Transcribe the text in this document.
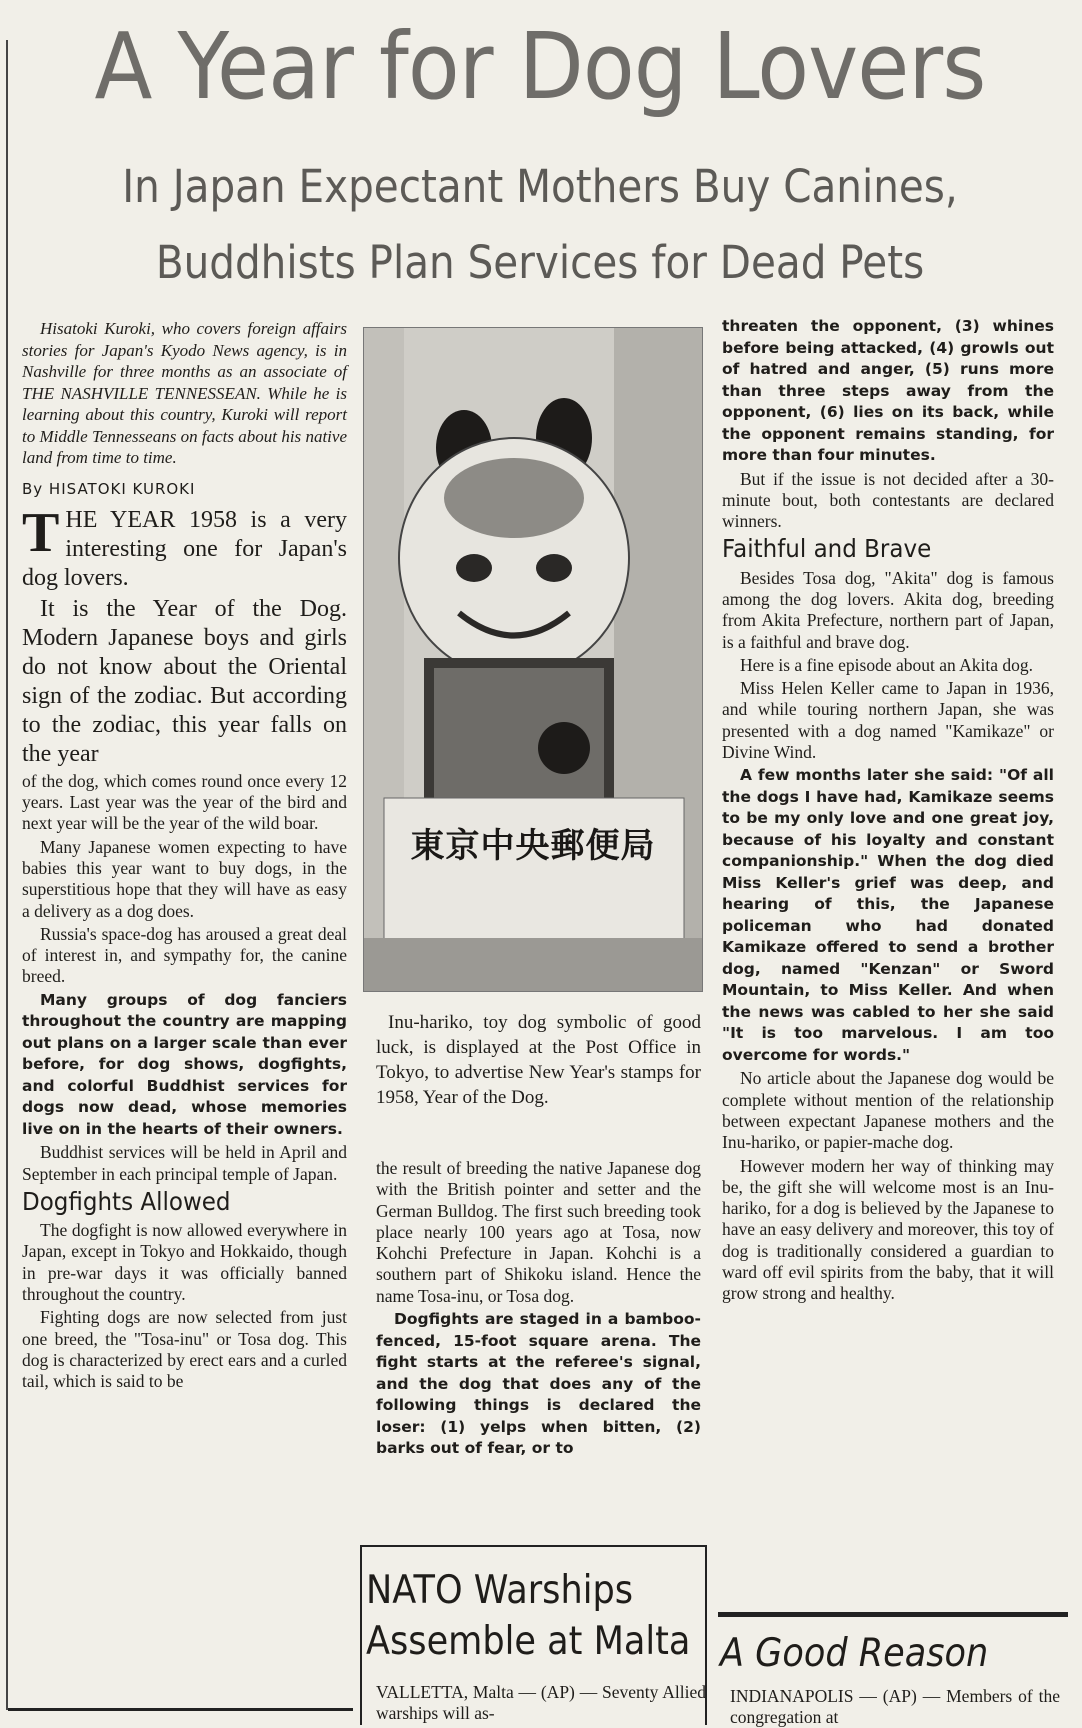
A Year for Dog Lovers
In Japan Expectant Mothers Buy Canines,
Buddhists Plan Services for Dead Pets

Hisatoki Kuroki, who covers foreign affairs stories for Japan's Kyodo News agency, is in Nashville for three months as an associate of THE NASHVILLE TENNESSEAN. While he is learning about this country, Kuroki will report to Middle Tennesseans on facts about his native land from time to time.

By HISATOKI KUROKI

THE YEAR 1958 is a very interesting one for Japan's dog lovers.

It is the Year of the Dog. Modern Japanese boys and girls do not know about the Oriental sign of the zodiac. But according to the zodiac, this year falls on the year

of the dog, which comes round once every 12 years. Last year was the year of the bird and next year will be the year of the wild boar.

Many Japanese women expecting to have babies this year want to buy dogs, in the superstitious hope that they will have as easy a delivery as a dog does.

Russia's space-dog has aroused a great deal of interest in, and sympathy for, the canine breed.

Many groups of dog fanciers throughout the country are mapping out plans on a larger scale than ever before, for dog shows, dogfights, and colorful Buddhist services for dogs now dead, whose memories live on in the hearts of their owners.

Buddhist services will be held in April and September in each principal temple of Japan.

Dogfights Allowed

The dogfight is now allowed everywhere in Japan, except in Tokyo and Hokkaido, though in pre-war days it was officially banned throughout the country.

Fighting dogs are now selected from just one breed, the "Tosa-inu" or Tosa dog. This dog is characterized by erect ears and a curled tail, which is said to be

東京中央郵便局

Inu-hariko, toy dog symbolic of good luck, is displayed at the Post Office in Tokyo, to advertise New Year's stamps for 1958, Year of the Dog.

the result of breeding the native Japanese dog with the British pointer and setter and the German Bulldog. The first such breeding took place nearly 100 years ago at Tosa, now Kohchi Prefecture in Japan. Kohchi is a southern part of Shikoku island. Hence the name Tosa-inu, or Tosa dog.

Dogfights are staged in a bamboo-fenced, 15-foot square arena. The fight starts at the referee's signal, and the dog that does any of the following things is declared the loser: (1) yelps when bitten, (2) barks out of fear, or to

threaten the opponent, (3) whines before being attacked, (4) growls out of hatred and anger, (5) runs more than three steps away from the opponent, (6) lies on its back, while the opponent remains standing, for more than four minutes.

But if the issue is not decided after a 30-minute bout, both contestants are declared winners.

Faithful and Brave

Besides Tosa dog, "Akita" dog is famous among the dog lovers. Akita dog, breeding from Akita Prefecture, northern part of Japan, is a faithful and brave dog.

Here is a fine episode about an Akita dog.

Miss Helen Keller came to Japan in 1936, and while touring northern Japan, she was presented with a dog named "Kamikaze" or Divine Wind.

A few months later she said: "Of all the dogs I have had, Kamikaze seems to be my only love and one great joy, because of his loyalty and constant companionship." When the dog died Miss Keller's grief was deep, and hearing of this, the Japanese policeman who had donated Kamikaze offered to send a brother dog, named "Kenzan" or Sword Mountain, to Miss Keller. And when the news was cabled to her she said "It is too marvelous. I am too overcome for words."

No article about the Japanese dog would be complete without mention of the relationship between expectant Japanese mothers and the Inu-hariko, or papier-mache dog.

However modern her way of thinking may be, the gift she will welcome most is an Inu-hariko, for a dog is believed by the Japanese to have an easy delivery and moreover, this toy of dog is traditionally considered a guardian to ward off evil spirits from the baby, that it will grow strong and healthy.

NATO Warships
Assemble at Malta
VALLETTA, Malta — (AP) — Seventy Allied warships will as-
A Good Reason
INDIANAPOLIS — (AP) — Members of the congregation at
